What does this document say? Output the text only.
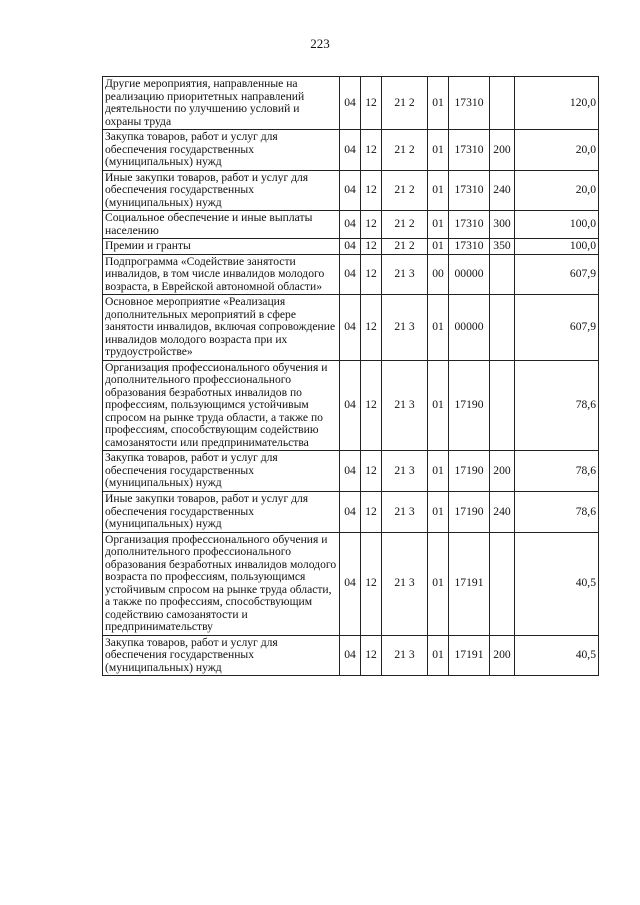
223
Другие мероприятия, направленные на реализацию приоритетных направлений деятельности по улучшению условий и охраны труда	04	12	21 2	01	17310		120,0
Закупка товаров, работ и услуг для обеспечения государственных (муниципальных) нужд	04	12	21 2	01	17310	200	20,0
Иные закупки товаров, работ и услуг для обеспечения государственных (муниципальных) нужд	04	12	21 2	01	17310	240	20,0
Социальное обеспечение и иные выплаты населению	04	12	21 2	01	17310	300	100,0
Премии и гранты	04	12	21 2	01	17310	350	100,0
Подпрограмма «Содействие занятости инвалидов, в том числе инвалидов молодого возраста, в Еврейской автономной области»	04	12	21 3	00	00000		607,9
Основное мероприятие «Реализация дополнительных мероприятий в сфере занятости инвалидов, включая сопровождение инвалидов молодого возраста при их трудоустройстве»	04	12	21 3	01	00000		607,9
Организация профессионального обучения и дополнительного профессионального образования безработных инвалидов по профессиям, пользующимся устойчивым спросом на рынке труда области, а также по профессиям, способствующим содействию самозанятости или предпринимательства	04	12	21 3	01	17190		78,6
Закупка товаров, работ и услуг для обеспечения государственных (муниципальных) нужд	04	12	21 3	01	17190	200	78,6
Иные закупки товаров, работ и услуг для обеспечения государственных (муниципальных) нужд	04	12	21 3	01	17190	240	78,6
Организация профессионального обучения и дополнительного профессионального образования безработных инвалидов молодого возраста по профессиям, пользующимся устойчивым спросом на рынке труда области, а также по профессиям, способствующим содействию самозанятости и предпринимательству	04	12	21 3	01	17191		40,5
Закупка товаров, работ и услуг для обеспечения государственных (муниципальных) нужд	04	12	21 3	01	17191	200	40,5
